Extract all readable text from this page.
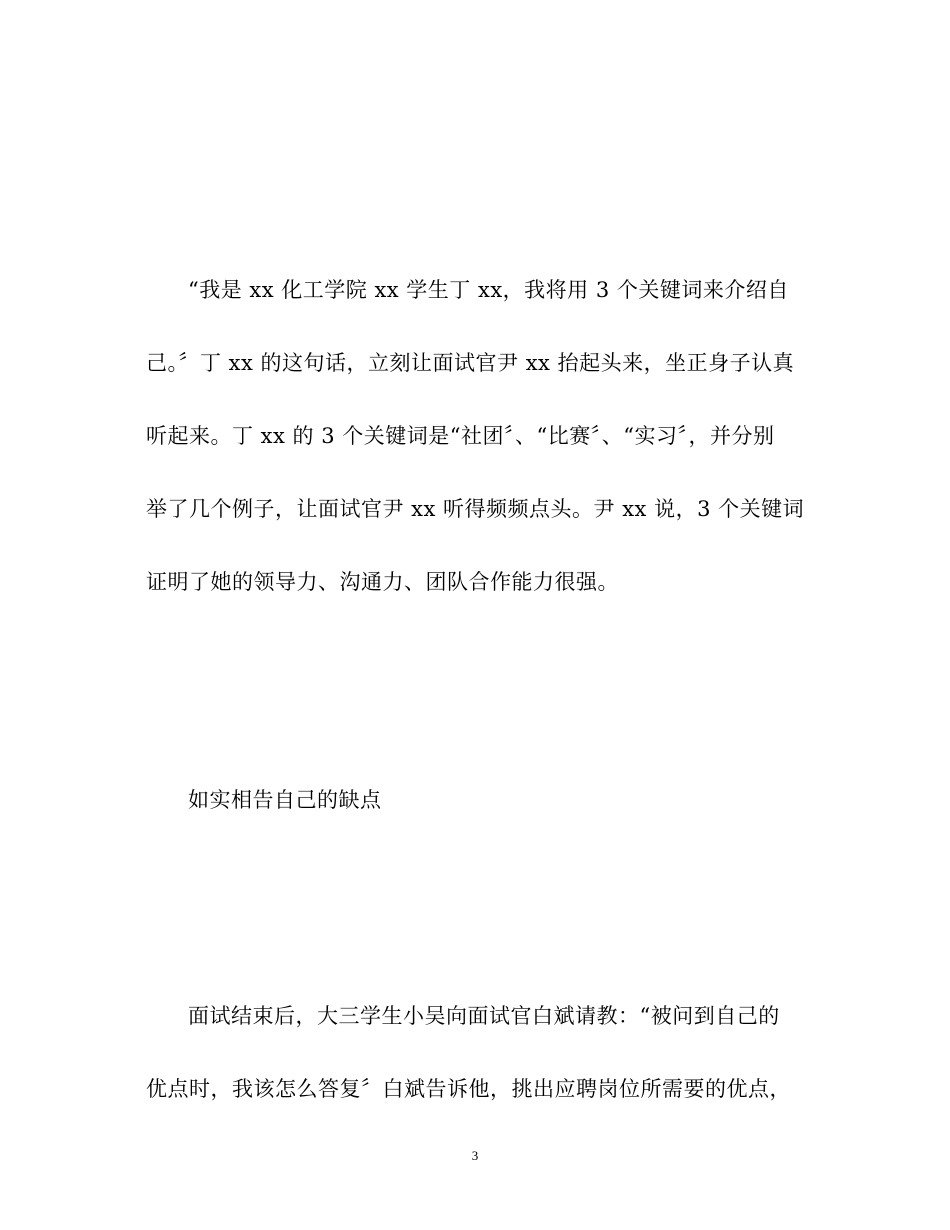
“我是 xx 化工学院 xx 学生丁 xx，我将用 3 个关键词来介绍自
己。〞丁 xx 的这句话，立刻让面试官尹 xx 抬起头来，坐正身子认真
听起来。丁 xx 的 3 个关键词是“社团〞、“比赛〞、“实习〞，并分别
举了几个例子，让面试官尹 xx 听得频频点头。尹 xx 说，3 个关键词
证明了她的领导力、沟通力、团队合作能力很强。

如实相告自己的缺点

面试结束后，大三学生小吴向面试官白斌请教：“被问到自己的
优点时，我该怎么答复〞白斌告诉他，挑出应聘岗位所需要的优点，

3
